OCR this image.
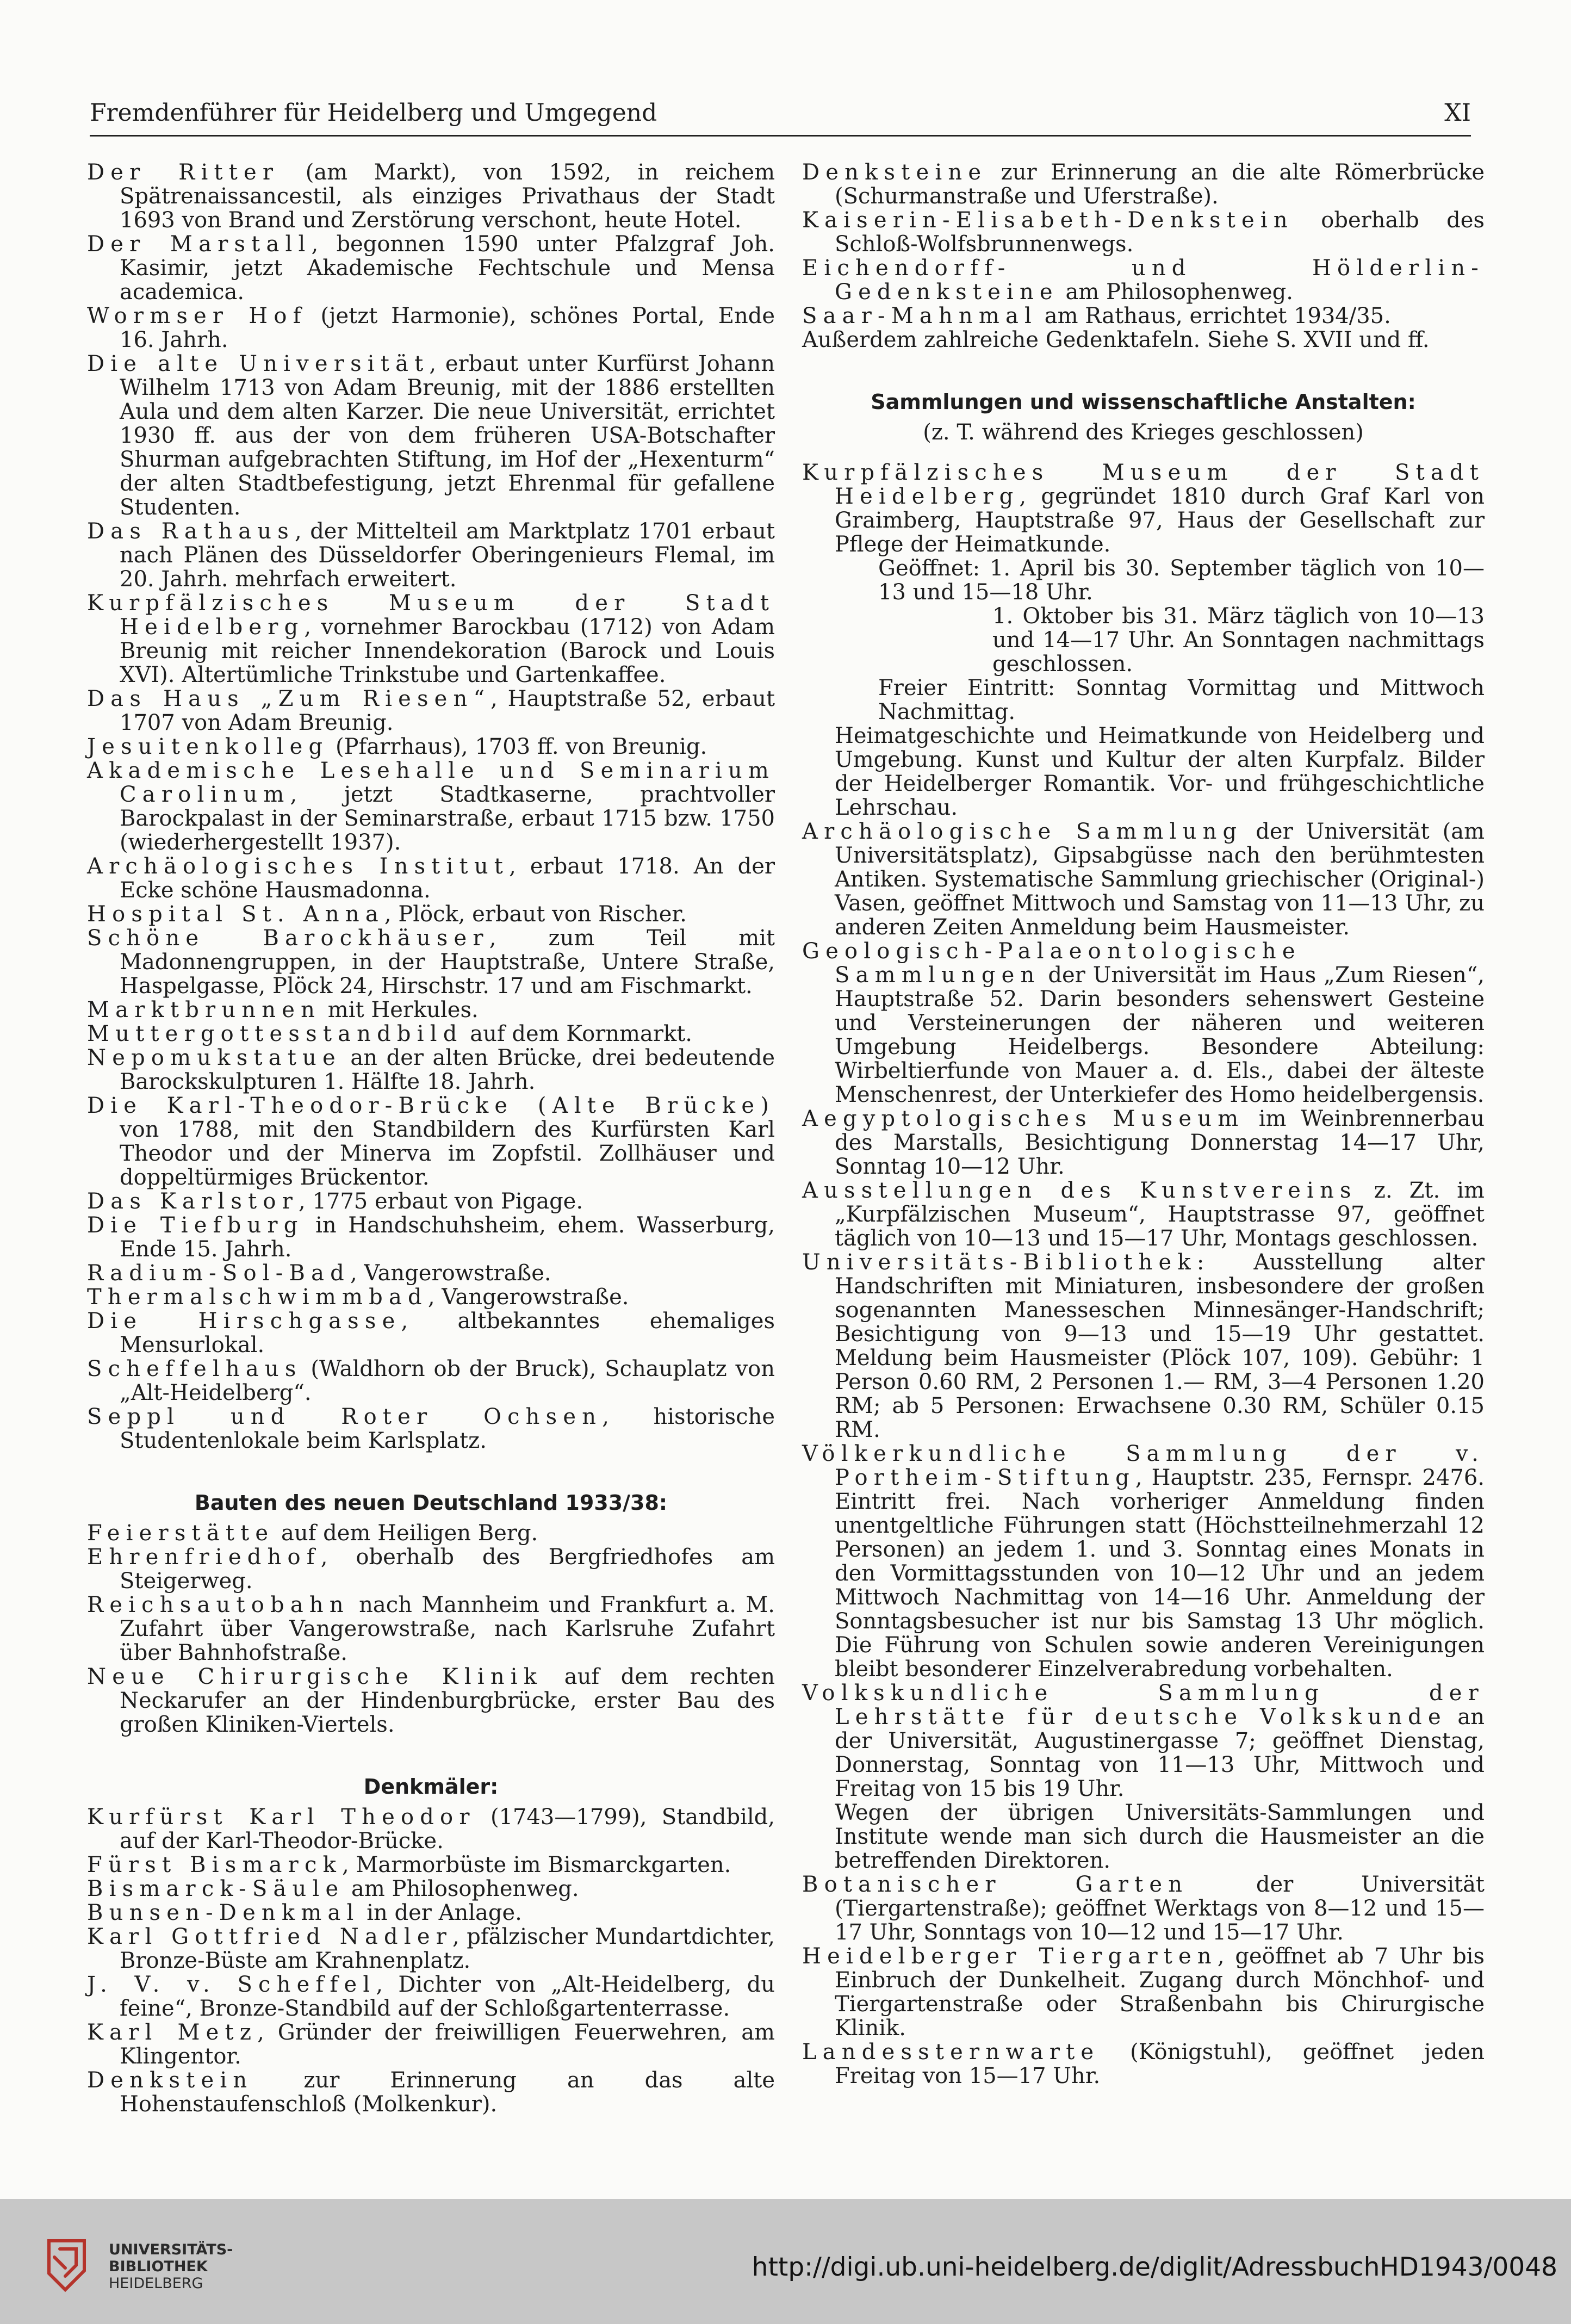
Fremdenführer für Heidelberg und Umgegend	XI

Der Ritter (am Markt), von 1592, in reichem Spätrenaissancestil, als einziges Privathaus der Stadt 1693 von Brand und Zerstörung verschont, heute Hotel.

Der Marstall, begonnen 1590 unter Pfalzgraf Joh. Kasimir, jetzt Akademische Fechtschule und Mensa academica.

Wormser Hof (jetzt Harmonie), schönes Portal, Ende 16. Jahrh.

Die alte Universität, erbaut unter Kurfürst Johann Wilhelm 1713 von Adam Breunig, mit der 1886 erstellten Aula und dem alten Karzer. Die neue Universität, errichtet 1930 ff. aus der von dem früheren USA-Botschafter Shurman aufgebrachten Stiftung, im Hof der „Hexenturm“ der alten Stadtbefestigung, jetzt Ehrenmal für gefallene Studenten.

Das Rathaus, der Mittelteil am Marktplatz 1701 erbaut nach Plänen des Düsseldorfer Oberingenieurs Flemal, im 20. Jahrh. mehrfach erweitert.

Kurpfälzisches Museum der Stadt Heidelberg, vornehmer Barockbau (1712) von Adam Breunig mit reicher Innendekoration (Barock und Louis XVI). Altertümliche Trinkstube und Gartenkaffee.

Das Haus „Zum Riesen“, Hauptstraße 52, erbaut 1707 von Adam Breunig.

Jesuitenkolleg (Pfarrhaus), 1703 ff. von Breunig.

Akademische Lesehalle und Seminarium Carolinum, jetzt Stadtkaserne, prachtvoller Barockpalast in der Seminarstraße, erbaut 1715 bzw. 1750 (wiederhergestellt 1937).

Archäologisches Institut, erbaut 1718. An der Ecke schöne Hausmadonna.

Hospital St. Anna, Plöck, erbaut von Rischer.

Schöne Barockhäuser, zum Teil mit Madonnengruppen, in der Hauptstraße, Untere Straße, Haspelgasse, Plöck 24, Hirschstr. 17 und am Fischmarkt.

Marktbrunnen mit Herkules.

Muttergottesstandbild auf dem Kornmarkt.

Nepomukstatue an der alten Brücke, drei bedeutende Barockskulpturen 1. Hälfte 18. Jahrh.

Die Karl-Theodor-Brücke (Alte Brücke) von 1788, mit den Standbildern des Kurfürsten Karl Theodor und der Minerva im Zopfstil. Zollhäuser und doppeltürmiges Brückentor.

Das Karlstor, 1775 erbaut von Pigage.

Die Tiefburg in Handschuhsheim, ehem. Wasserburg, Ende 15. Jahrh.

Radium-Sol-Bad, Vangerowstraße.

Thermalschwimmbad, Vangerowstraße.

Die Hirschgasse, altbekanntes ehemaliges Mensurlokal.

Scheffelhaus (Waldhorn ob der Bruck), Schauplatz von „Alt-Heidelberg“.

Seppl und Roter Ochsen, historische Studentenlokale beim Karlsplatz.

Bauten des neuen Deutschland 1933/38:

Feierstätte auf dem Heiligen Berg.

Ehrenfriedhof, oberhalb des Bergfriedhofes am Steigerweg.

Reichsautobahn nach Mannheim und Frankfurt a. M. Zufahrt über Vangerowstraße, nach Karlsruhe Zufahrt über Bahnhofstraße.

Neue Chirurgische Klinik auf dem rechten Neckarufer an der Hindenburgbrücke, erster Bau des großen Kliniken-Viertels.

Denkmäler:

Kurfürst Karl Theodor (1743—1799), Standbild, auf der Karl-Theodor-Brücke.

Fürst Bismarck, Marmorbüste im Bismarckgarten.

Bismarck-Säule am Philosophenweg.

Bunsen-Denkmal in der Anlage.

Karl Gottfried Nadler, pfälzischer Mundartdichter, Bronze-Büste am Krahnenplatz.

J. V. v. Scheffel, Dichter von „Alt-Heidelberg, du feine“, Bronze-Standbild auf der Schloßgartenterrasse.

Karl Metz, Gründer der freiwilligen Feuerwehren, am Klingentor.

Denkstein zur Erinnerung an das alte Hohenstaufenschloß (Molkenkur).

Denksteine zur Erinnerung an die alte Römerbrücke (Schurmanstraße und Uferstraße).

Kaiserin-Elisabeth-Denkstein oberhalb des Schloß-Wolfsbrunnenwegs.

Eichendorff- und Hölderlin-Gedenksteine am Philosophenweg.

Saar-Mahnmal am Rathaus, errichtet 1934/35.

Außerdem zahlreiche Gedenktafeln. Siehe S. XVII und ff.

Sammlungen und wissenschaftliche Anstalten:
(z. T. während des Krieges geschlossen)

Kurpfälzisches Museum der Stadt Heidelberg, gegründet 1810 durch Graf Karl von Graimberg, Hauptstraße 97, Haus der Gesellschaft zur Pflege der Heimatkunde.

Geöffnet: 1. April bis 30. September täglich von 10—13 und 15—18 Uhr.

1. Oktober bis 31. März täglich von 10—13 und 14—17 Uhr. An Sonntagen nachmittags geschlossen.

Freier Eintritt: Sonntag Vormittag und Mittwoch Nachmittag.

Heimatgeschichte und Heimatkunde von Heidelberg und Umgebung. Kunst und Kultur der alten Kurpfalz. Bilder der Heidelberger Romantik. Vor- und frühgeschichtliche Lehrschau.

Archäologische Sammlung der Universität (am Universitätsplatz), Gipsabgüsse nach den berühmtesten Antiken. Systematische Sammlung griechischer (Original-) Vasen, geöffnet Mittwoch und Samstag von 11—13 Uhr, zu anderen Zeiten Anmeldung beim Hausmeister.

Geologisch-Palaeontologische Sammlungen der Universität im Haus „Zum Riesen“, Hauptstraße 52. Darin besonders sehenswert Gesteine und Versteinerungen der näheren und weiteren Umgebung Heidelbergs. Besondere Abteilung: Wirbeltierfunde von Mauer a. d. Els., dabei der älteste Menschenrest, der Unterkiefer des Homo heidelbergensis.

Aegyptologisches Museum im Weinbrennerbau des Marstalls, Besichtigung Donnerstag 14—17 Uhr, Sonntag 10—12 Uhr.

Ausstellungen des Kunstvereins z. Zt. im „Kurpfälzischen Museum“, Hauptstrasse 97, geöffnet täglich von 10—13 und 15—17 Uhr, Montags geschlossen.

Universitäts-Bibliothek: Ausstellung alter Handschriften mit Miniaturen, insbesondere der großen sogenannten Manesseschen Minnesänger-Handschrift; Besichtigung von 9—13 und 15—19 Uhr gestattet. Meldung beim Hausmeister (Plöck 107, 109). Gebühr: 1 Person 0.60 RM, 2 Personen 1.— RM, 3—4 Personen 1.20 RM; ab 5 Personen: Erwachsene 0.30 RM, Schüler 0.15 RM.

Völkerkundliche Sammlung der v. Portheim-Stiftung, Hauptstr. 235, Fernspr. 2476. Eintritt frei. Nach vorheriger Anmeldung finden unentgeltliche Führungen statt (Höchstteilnehmerzahl 12 Personen) an jedem 1. und 3. Sonntag eines Monats in den Vormittagsstunden von 10—12 Uhr und an jedem Mittwoch Nachmittag von 14—16 Uhr. Anmeldung der Sonntagsbesucher ist nur bis Samstag 13 Uhr möglich. Die Führung von Schulen sowie anderen Vereinigungen bleibt besonderer Einzelverabredung vorbehalten.

Volkskundliche Sammlung der Lehrstätte für deutsche Volkskunde an der Universität, Augustinergasse 7; geöffnet Dienstag, Donnerstag, Sonntag von 11—13 Uhr, Mittwoch und Freitag von 15 bis 19 Uhr.

Wegen der übrigen Universitäts-Sammlungen und Institute wende man sich durch die Hausmeister an die betreffenden Direktoren.

Botanischer Garten der Universität (Tiergartenstraße); geöffnet Werktags von 8—12 und 15—17 Uhr, Sonntags von 10—12 und 15—17 Uhr.

Heidelberger Tiergarten, geöffnet ab 7 Uhr bis Einbruch der Dunkelheit. Zugang durch Mönchhof- und Tiergartenstraße oder Straßenbahn bis Chirurgische Klinik.

Landessternwarte (Königstuhl), geöffnet jeden Freitag von 15—17 Uhr.

UNIVERSITÄTS-
BIBLIOTHEK
HEIDELBERG
http://digi.ub.uni-heidelberg.de/diglit/AdressbuchHD1943/0048
